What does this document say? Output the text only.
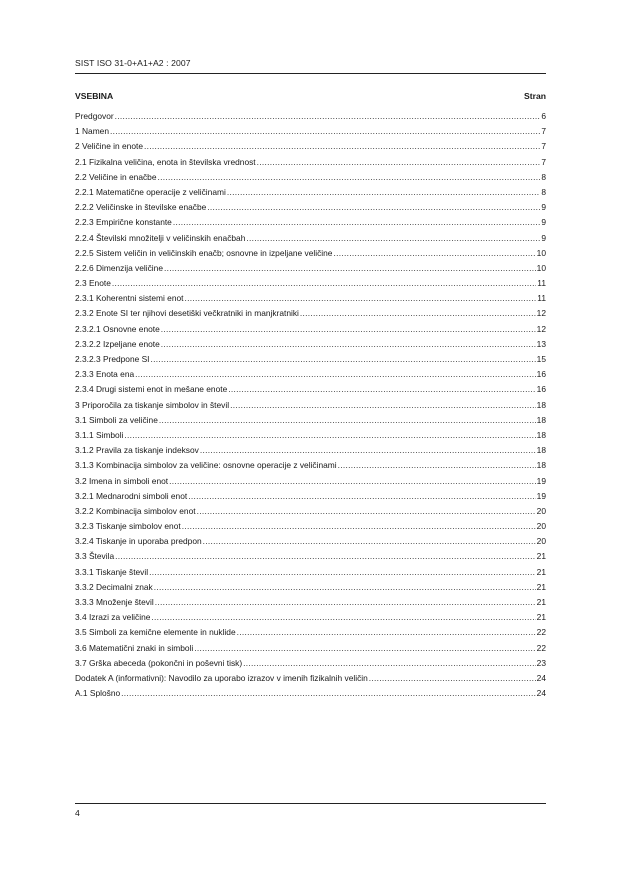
SIST ISO 31-0+A1+A2 : 2007
VSEBINA	Stran
Predgovor .....	6
1 Namen .....	7
2 Veličine in enote .....	7
2.1 Fizikalna veličina, enota in številska vrednost .....	7
2.2 Veličine in enačbe .....	8
2.2.1 Matematične operacije z veličinami .....	8
2.2.2 Veličinske in številske enačbe .....	9
2.2.3 Empirične konstante .....	9
2.2.4 Številski množitelji v veličinskih enačbah .....	9
2.2.5 Sistem veličin in veličinskih enačb; osnovne in izpeljane veličine .....	10
2.2.6 Dimenzija veličine .....	10
2.3 Enote .....	11
2.3.1 Koherentni sistemi enot .....	11
2.3.2 Enote SI ter njihovi desetiški večkratniki in manjkratniki .....	12
2.3.2.1 Osnovne enote .....	12
2.3.2.2 Izpeljane enote .....	13
2.3.2.3 Predpone SI .....	15
2.3.3 Enota ena .....	16
2.3.4 Drugi sistemi enot in mešane enote .....	16
3 Priporočila za tiskanje simbolov in števil .....	18
3.1 Simboli za veličine .....	18
3.1.1 Simboli .....	18
3.1.2 Pravila za tiskanje indeksov .....	18
3.1.3 Kombinacija simbolov za veličine: osnovne operacije z veličinami .....	18
3.2 Imena in simboli enot .....	19
3.2.1 Mednarodni simboli enot .....	19
3.2.2 Kombinacija simbolov enot .....	20
3.2.3 Tiskanje simbolov enot .....	20
3.2.4 Tiskanje in uporaba predpon .....	20
3.3 Števila .....	21
3.3.1 Tiskanje števil .....	21
3.3.2 Decimalni znak .....	21
3.3.3 Množenje števil .....	21
3.4 Izrazi za veličine .....	21
3.5 Simboli za kemične elemente in nuklide .....	22
3.6 Matematični znaki in simboli .....	22
3.7 Grška abeceda (pokončni in poševni tisk) .....	23
Dodatek A (informativni): Navodilo za uporabo izrazov v imenih fizikalnih veličin .....	24
A.1 Splošno .....	24
4
